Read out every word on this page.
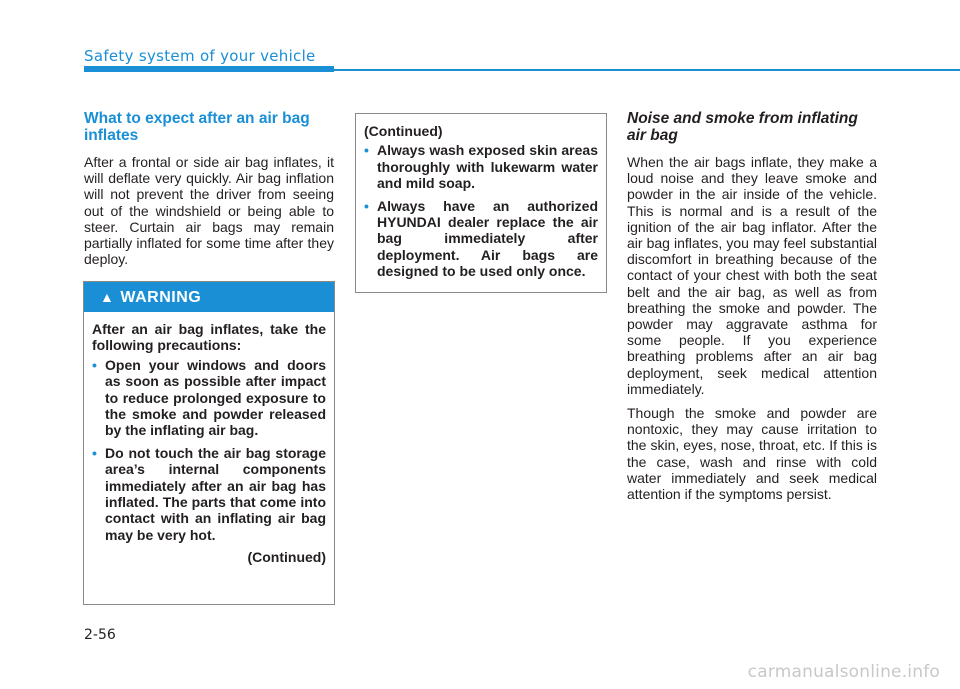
Safety system of your vehicle
What to expect after an air bag inflates

After a frontal or side air bag inflates, it will deflate very quickly. Air bag inflation will not prevent the driver from seeing out of the windshield or being able to steer. Curtain air bags may remain partially inflated for some time after they deploy.

▲ WARNING

After an air bag inflates, take the following precautions:

• Open your windows and doors as soon as possible after impact to reduce prolonged exposure to the smoke and powder released by the inflating air bag.
• Do not touch the air bag storage area’s internal components immediately after an air bag has inflated. The parts that come into contact with an inflating air bag may be very hot.
(Continued)

(Continued)

• Always wash exposed skin areas thoroughly with lukewarm water and mild soap.
• Always have an authorized HYUNDAI dealer replace the air bag immediately after deployment. Air bags are designed to be used only once.
Noise and smoke from inflating air bag

When the air bags inflate, they make a loud noise and they leave smoke and powder in the air inside of the vehicle. This is normal and is a result of the ignition of the air bag inflator. After the air bag inflates, you may feel substantial discomfort in breathing because of the contact of your chest with both the seat belt and the air bag, as well as from breathing the smoke and powder. The powder may aggravate asthma for some people. If you experience breathing problems after an air bag deployment, seek medical attention immediately.

Though the smoke and powder are nontoxic, they may cause irritation to the skin, eyes, nose, throat, etc. If this is the case, wash and rinse with cold water immediately and seek medical attention if the symptoms persist.

2-56
carmanualsonline.info
